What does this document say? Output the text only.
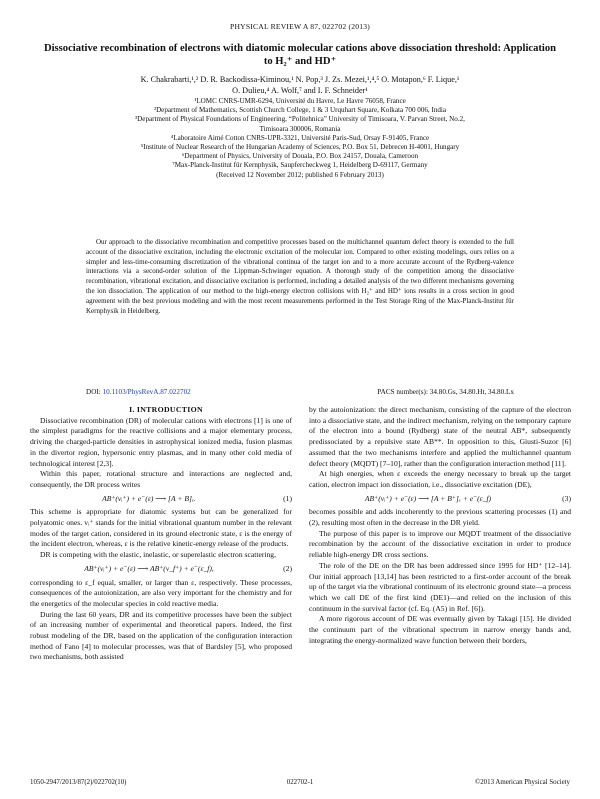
PHYSICAL REVIEW A 87, 022702 (2013)
Dissociative recombination of electrons with diatomic molecular cations above dissociation threshold: Application to H₂⁺ and HD⁺
K. Chakrabarti,¹,² D. R. Backodissa-Kiminou,¹ N. Pop,³ J. Zs. Mezei,¹,⁴,⁵ O. Motapon,⁶ F. Lique,¹
O. Dulieu,⁴ A. Wolf,⁷ and I. F. Schneider¹
¹LOMC CNRS-UMR-6294, Université du Havre, Le Havre 76058, France
²Department of Mathematics, Scottish Church College, 1 & 3 Urquhart Square, Kolkata 700 006, India
³Department of Physical Foundations of Engineering, “Politehnica” University of Timisoara, V. Parvan Street, No.2,
Timisoara 300006, Romania
⁴Laboratoire Aimé Cotton CNRS-UPR-3321, Université Paris-Sud, Orsay F-91405, France
⁵Institute of Nuclear Research of the Hungarian Academy of Sciences, P.O. Box 51, Debrecen H-4001, Hungary
⁶Department of Physics, University of Douala, P.O. Box 24157, Douala, Cameroon
⁷Max-Planck-Institut für Kernphysik, Saupfercheckweg 1, Heidelberg D-69117, Germany
(Received 12 November 2012; published 6 February 2013)
Our approach to the dissociative recombination and competitive processes based on the multichannel quantum defect theory is extended to the full account of the dissociative excitation, including the electronic excitation of the molecular ion. Compared to other existing modelings, ours relies on a simpler and less-time-consuming discretization of the vibrational continua of the target ion and to a more accurate account of the Rydberg-valence interactions via a second-order solution of the Lippman-Schwinger equation. A thorough study of the competition among the dissociative recombination, vibrational excitation, and dissociative excitation is performed, including a detailed analysis of the two different mechanisms governing the ion dissociation. The application of our method to the high-energy electron collisions with H₂⁺ and HD⁺ ions results in a cross section in good agreement with the best previous modeling and with the most recent measurements performed in the Test Storage Ring of the Max-Planck-Institut für Kernphysik in Heidelberg.
DOI: 10.1103/PhysRevA.87.022702	PACS number(s): 34.80.Gs, 34.80.Ht, 34.80.Lx

I. INTRODUCTION

Dissociative recombination (DR) of molecular cations with electrons [1] is one of the simplest paradigms for the reactive collisions and a major elementary process, driving the charged-particle densities in astrophysical ionized media, fusion plasmas in the divertor region, hypersonic entry plasmas, and in many other cold media of technological interest [2,3].

Within this paper, rotational structure and interactions are neglected and, consequently, the DR process writes

AB⁺(vᵢ⁺) + e⁻(ε) ⟶ [A + B]ₑ.	(1)

This scheme is appropriate for diatomic systems but can be generalized for polyatomic ones. vᵢ⁺ stands for the initial vibrational quantum number in the relevant modes of the target cation, considered in its ground electronic state, ε is the energy of the incident electron, whereas, ε is the relative kinetic-energy release of the products.

DR is competing with the elastic, inelastic, or superelastic electron scattering,

AB⁺(vᵢ⁺) + e⁻(ε) ⟶ AB⁺(v_f⁺) + e⁻(ε_f),	(2)

corresponding to ε_f equal, smaller, or larger than ε, respectively. These processes, consequences of the autoionization, are also very important for the chemistry and for the energetics of the molecular species in cold reactive media.

During the last 60 years, DR and its competitive processes have been the subject of an increasing number of experimental and theoretical papers. Indeed, the first robust modeling of the DR, based on the application of the configuration interaction method of Fano [4] to molecular processes, was that of Bardsley [5], who proposed two mechanisms, both assisted

by the autoionization: the direct mechanism, consisting of the capture of the electron into a dissociative state, and the indirect mechanism, relying on the temporary capture of the electron into a bound (Rydberg) state of the neutral AB*, subsequently predissociated by a repulsive state AB**. In opposition to this, Giusti-Suzor [6] assumed that the two mechanisms interfere and applied the multichannel quantum defect theory (MQDT) [7–10], rather than the configuration interaction method [11].

At high energies, when ε exceeds the energy necessary to break up the target cation, electron impact ion dissociation, i.e., dissociative excitation (DE),

AB⁺(vᵢ⁺) + e⁻(ε) ⟶ [A + B⁺]ₑ + e⁻(ε_f)	(3)

becomes possible and adds incoherently to the previous scattering processes (1) and (2), resulting most often in the decrease in the DR yield.

The purpose of this paper is to improve our MQDT treatment of the dissociative recombination by the account of the dissociative excitation in order to produce reliable high-energy DR cross sections.

The role of the DE on the DR has been addressed since 1995 for HD⁺ [12–14]. Our initial approach [13,14] has been restricted to a first-order account of the break up of the target via the vibrational continuum of its electronic ground state—a process which we call DE of the first kind (DE1)—and relied on the inclusion of this continuum in the survival factor (cf. Eq. (A5) in Ref. [6]).

A more rigorous account of DE was eventually given by Takagi [15]. He divided the continuum part of the vibrational spectrum in narrow energy bands and, integrating the energy-normalized wave function between their borders,

1050-2947/2013/87(2)/022702(10)	022702-1	©2013 American Physical Society
